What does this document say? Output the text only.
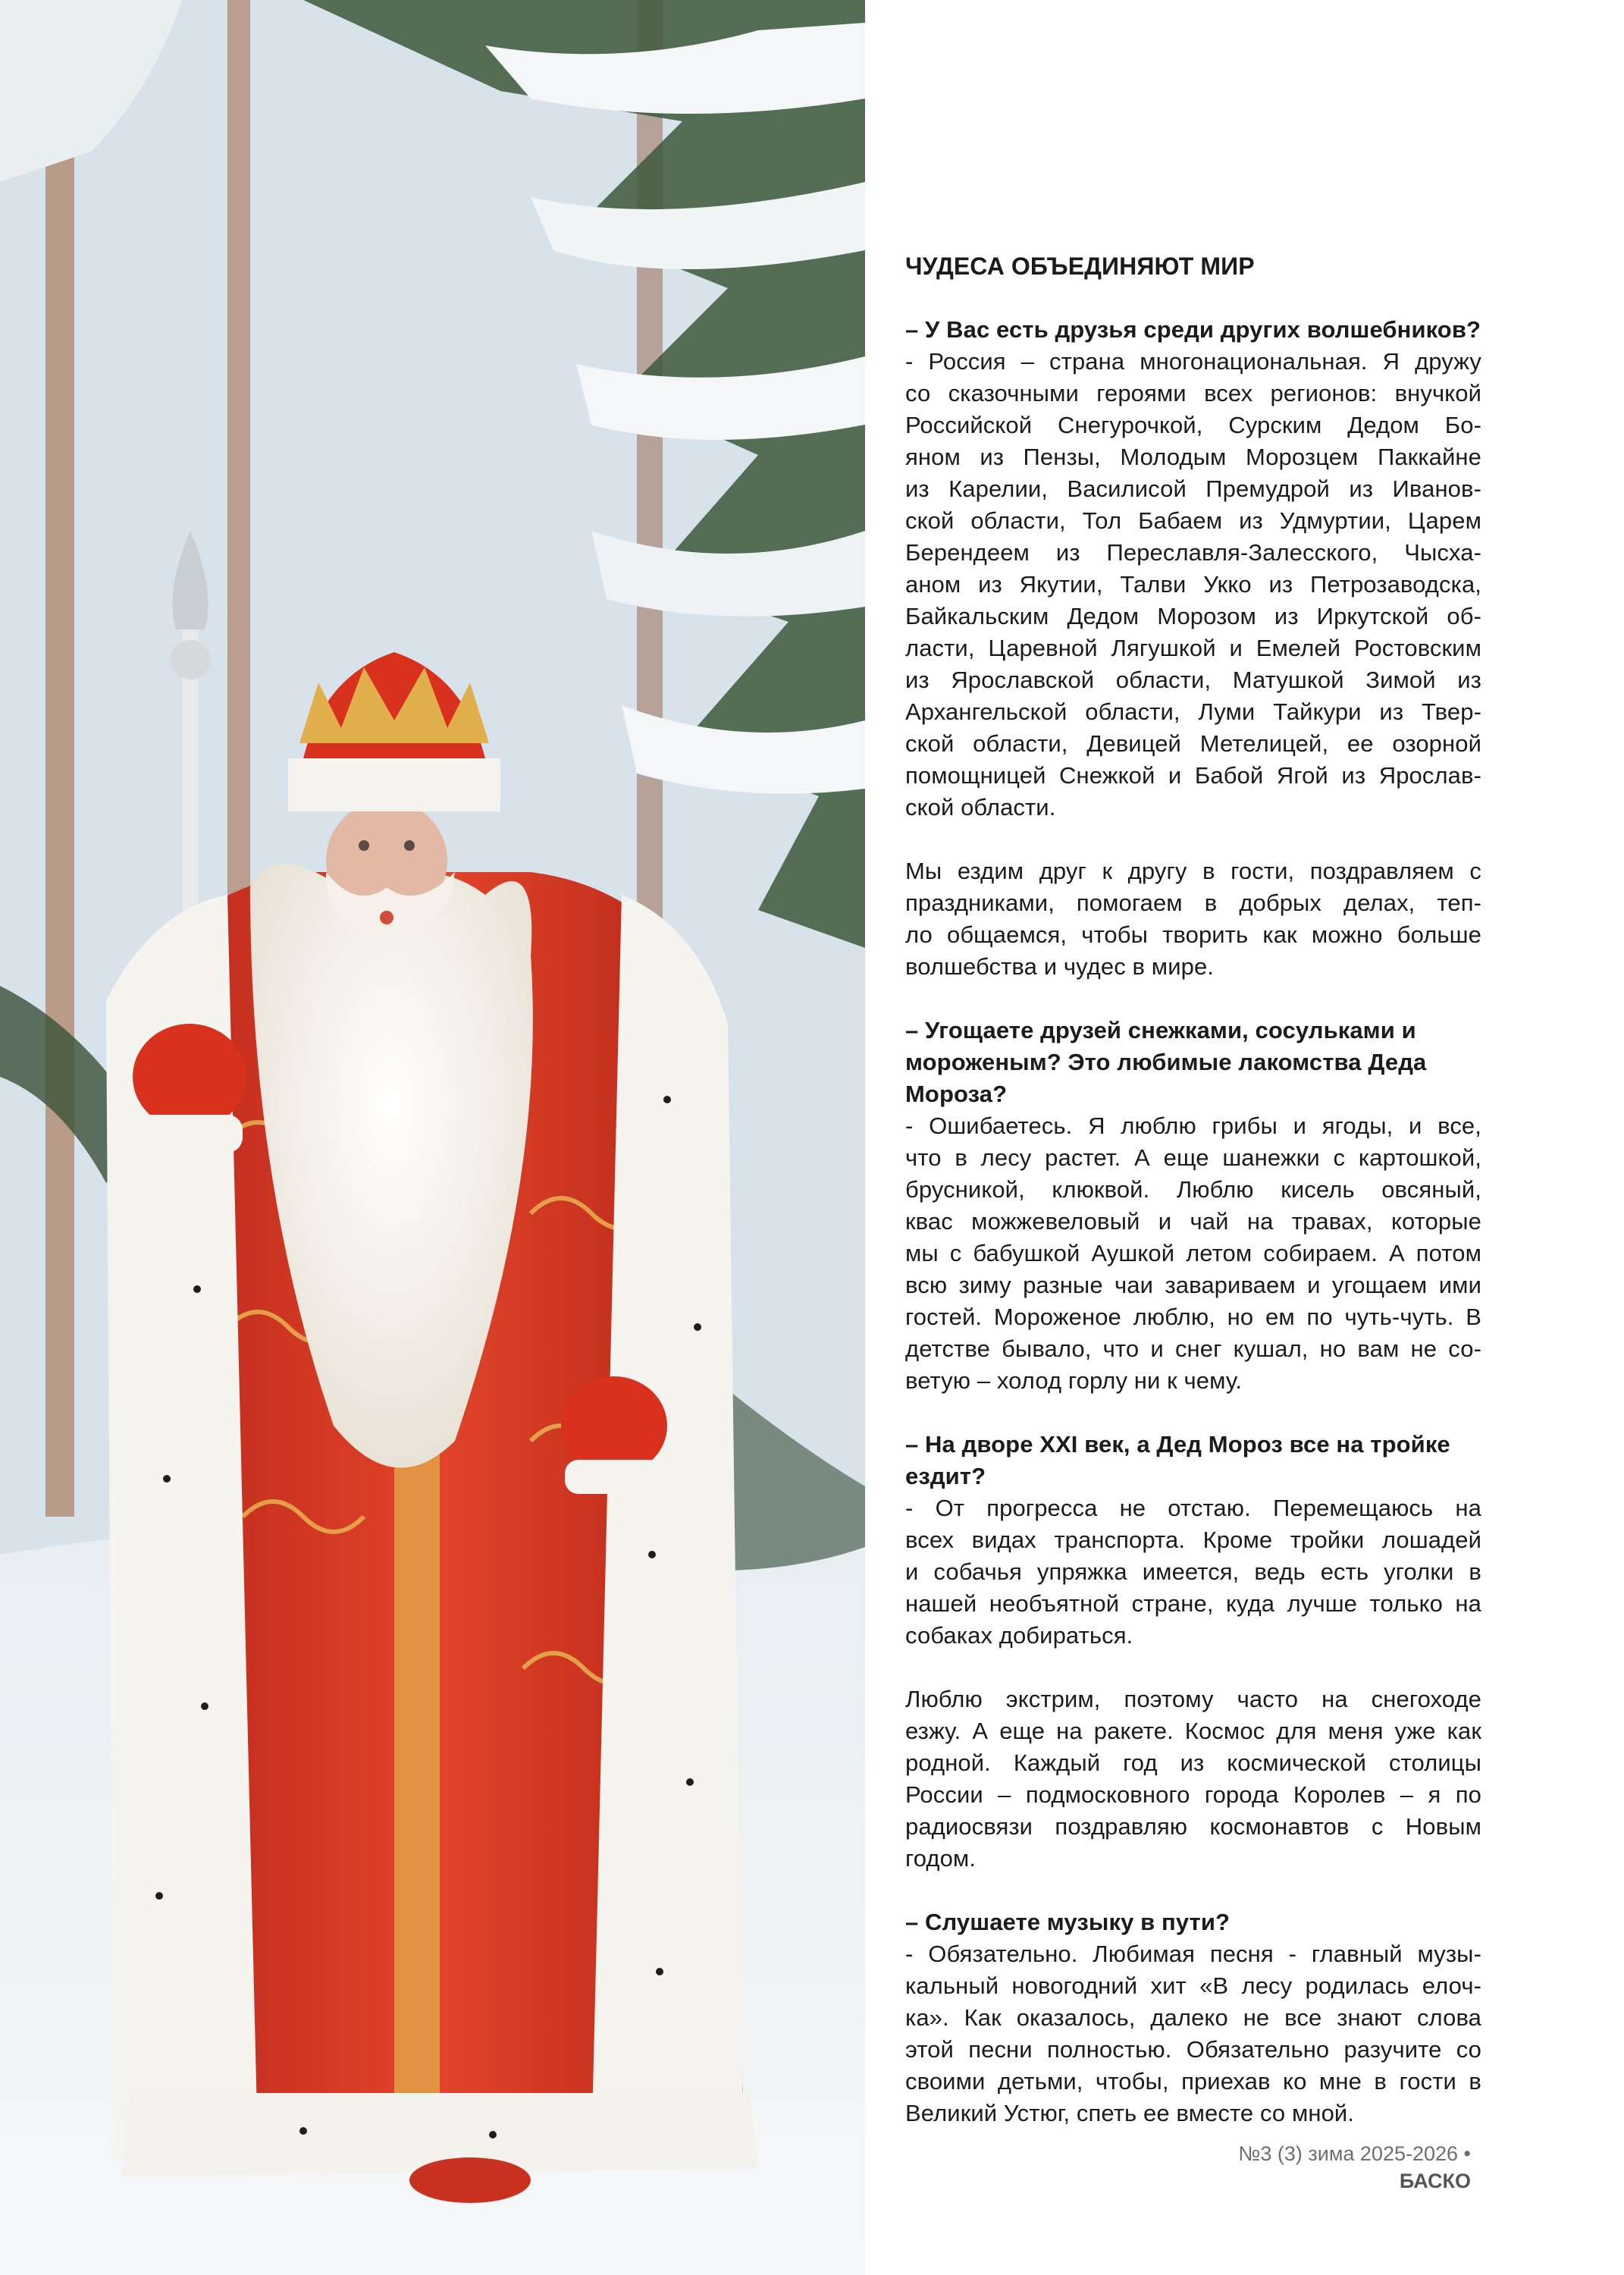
ЧУДЕСА ОБЪЕДИНЯЮТ МИР
– У Вас есть друзья среди других волшебников?
- Россия – страна многонациональная. Я дружу
со сказочными героями всех регионов: внучкой
Российской Снегурочкой, Сурским Дедом Бо-
яном из Пензы, Молодым Морозцем Паккайне
из Карелии, Василисой Премудрой из Иванов-
ской области, Тол Бабаем из Удмуртии, Царем
Берендеем из Переславля-Залесского, Чысха-
аном из Якутии, Талви Укко из Петрозаводска,
Байкальским Дедом Морозом из Иркутской об-
ласти, Царевной Лягушкой и Емелей Ростовским
из Ярославской области, Матушкой Зимой из
Архангельской области, Луми Тайкури из Твер-
ской области, Девицей Метелицей, ее озорной
помощницей Снежкой и Бабой Ягой из Ярослав-
ской области.
Мы ездим друг к другу в гости, поздравляем с
праздниками, помогаем в добрых делах, теп-
ло общаемся, чтобы творить как можно больше
волшебства и чудес в мире.
– Угощаете друзей снежками, сосульками и мороженым? Это любимые лакомства Деда Мороза?
- Ошибаетесь. Я люблю грибы и ягоды, и все,
что в лесу растет. А еще шанежки с картошкой,
брусникой, клюквой. Люблю кисель овсяный,
квас можжевеловый и чай на травах, которые
мы с бабушкой Аушкой летом собираем. А потом
всю зиму разные чаи завариваем и угощаем ими
гостей. Мороженое люблю, но ем по чуть-чуть. В
детстве бывало, что и снег кушал, но вам не со-
ветую – холод горлу ни к чему.
– На дворе XXI век, а Дед Мороз все на тройке ездит?
- От прогресса не отстаю. Перемещаюсь на
всех видах транспорта. Кроме тройки лошадей
и собачья упряжка имеется, ведь есть уголки в
нашей необъятной стране, куда лучше только на
собаках добираться.
Люблю экстрим, поэтому часто на снегоходе
езжу. А еще на ракете. Космос для меня уже как
родной. Каждый год из космической столицы
России – подмосковного города Королев – я по
радиосвязи поздравляю космонавтов с Новым
годом.
– Слушаете музыку в пути?
- Обязательно. Любимая песня - главный музы-
кальный новогодний хит «В лесу родилась елоч-
ка». Как оказалось, далеко не все знают слова
этой песни полностью. Обязательно разучите со
своими детьми, чтобы, приехав ко мне в гости в
Великий Устюг, спеть ее вместе со мной.
№3 (3) зима 2025-2026 • БАСКО
